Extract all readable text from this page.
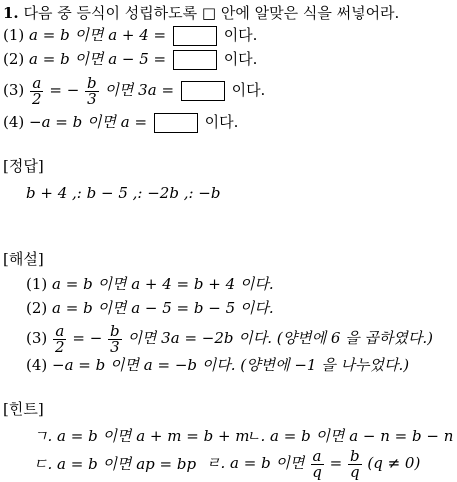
1. 다음 중 등식이 성립하도록 □ 안에 알맞은 식을 써넣어라.
(1) a = b 이면 a + 4 =	이다.
(2) a = b 이면 a − 5 =	이다.
$(3) \frac{a}{2}$ = − $\frac{b}{3}$ 이면 3a =	이다.
(4) −a = b 이면 a =	이다.
[정답]
b + 4 ,: b − 5 ,: −2b ,: −b
[해설]
(1) a = b 이면 a + 4 = b + 4 이다.
(2) a = b 이면 a − 5 = b − 5 이다.
$(3) \frac{a}{2}$ = − $\frac{b}{3}$ 이면 3a = −2b 이다. (양변에 6 을 곱하였다.)
(4) −a = b 이면 a = −b 이다. (양변에 −1 을 나누었다.)
[힌트]
ㄱ. a = b 이면 a + m = b + m
ㄴ. a = b 이면 a − n = b − n
ㄷ. a = b 이면 ap = bp ㄹ. a = b 이면 $\frac{a}{q} = \frac{b}{q} (q \ne 0)$
